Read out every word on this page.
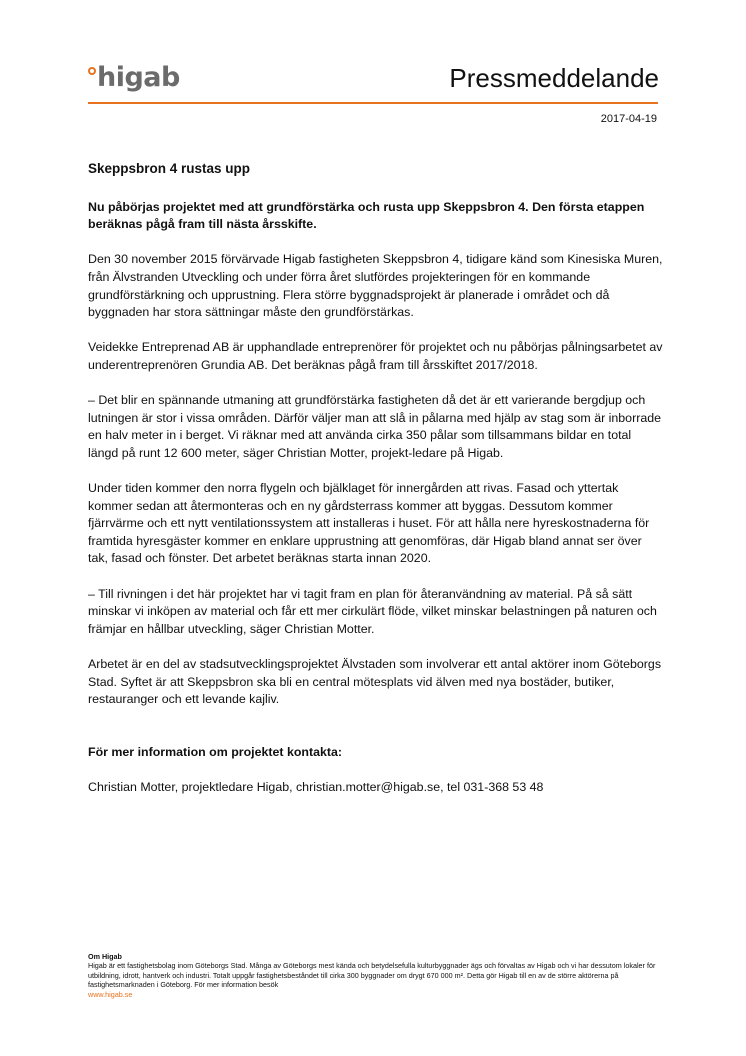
higab	Pressmeddelande
2017-04-19

Skeppsbron 4 rustas upp

Nu påbörjas projektet med att grundförstärka och rusta upp Skeppsbron 4. Den första etappen beräknas pågå fram till nästa årsskifte.

Den 30 november 2015 förvärvade Higab fastigheten Skeppsbron 4, tidigare känd som Kinesiska Muren, från Älvstranden Utveckling och under förra året slutfördes projekteringen för en kommande grundförstärkning och upprustning. Flera större byggnadsprojekt är planerade i området och då byggnaden har stora sättningar måste den grundförstärkas.

Veidekke Entreprenad AB är upphandlade entreprenörer för projektet och nu påbörjas pålningsarbetet av underentreprenören Grundia AB. Det beräknas pågå fram till årsskiftet 2017/2018.

– Det blir en spännande utmaning att grundförstärka fastigheten då det är ett varierande bergdjup och lutningen är stor i vissa områden. Därför väljer man att slå in pålarna med hjälp av stag som är inborrade en halv meter in i berget. Vi räknar med att använda cirka 350 pålar som tillsammans bildar en total längd på runt 12 600 meter, säger Christian Motter, projekt-ledare på Higab.

Under tiden kommer den norra flygeln och bjälklaget för innergården att rivas. Fasad och yttertak kommer sedan att återmonteras och en ny gårdsterrass kommer att byggas. Dessutom kommer fjärrvärme och ett nytt ventilationssystem att installeras i huset. För att hålla nere hyreskostnaderna för framtida hyresgäster kommer en enklare upprustning att genomföras, där Higab bland annat ser över tak, fasad och fönster. Det arbetet beräknas starta innan 2020.

– Till rivningen i det här projektet har vi tagit fram en plan för återanvändning av material. På så sätt minskar vi inköpen av material och får ett mer cirkulärt flöde, vilket minskar belastningen på naturen och främjar en hållbar utveckling, säger Christian Motter.

Arbetet är en del av stadsutvecklingsprojektet Älvstaden som involverar ett antal aktörer inom Göteborgs Stad. Syftet är att Skeppsbron ska bli en central mötesplats vid älven med nya bostäder, butiker, restauranger och ett levande kajliv.

För mer information om projektet kontakta:

Christian Motter, projektledare Higab, christian.motter@higab.se, tel 031-368 53 48

Om Higab
Higab är ett fastighetsbolag inom Göteborgs Stad. Många av Göteborgs mest kända och betydelsefulla kulturbyggnader ägs och förvaltas av Higab och vi har dessutom lokaler för utbildning, idrott, hantverk och industri. Totalt uppgår fastighetsbeståndet till cirka 300 byggnader om drygt 670 000 m². Detta gör Higab till en av de större aktörerna på fastighetsmarknaden i Göteborg. För mer information besök
www.higab.se
